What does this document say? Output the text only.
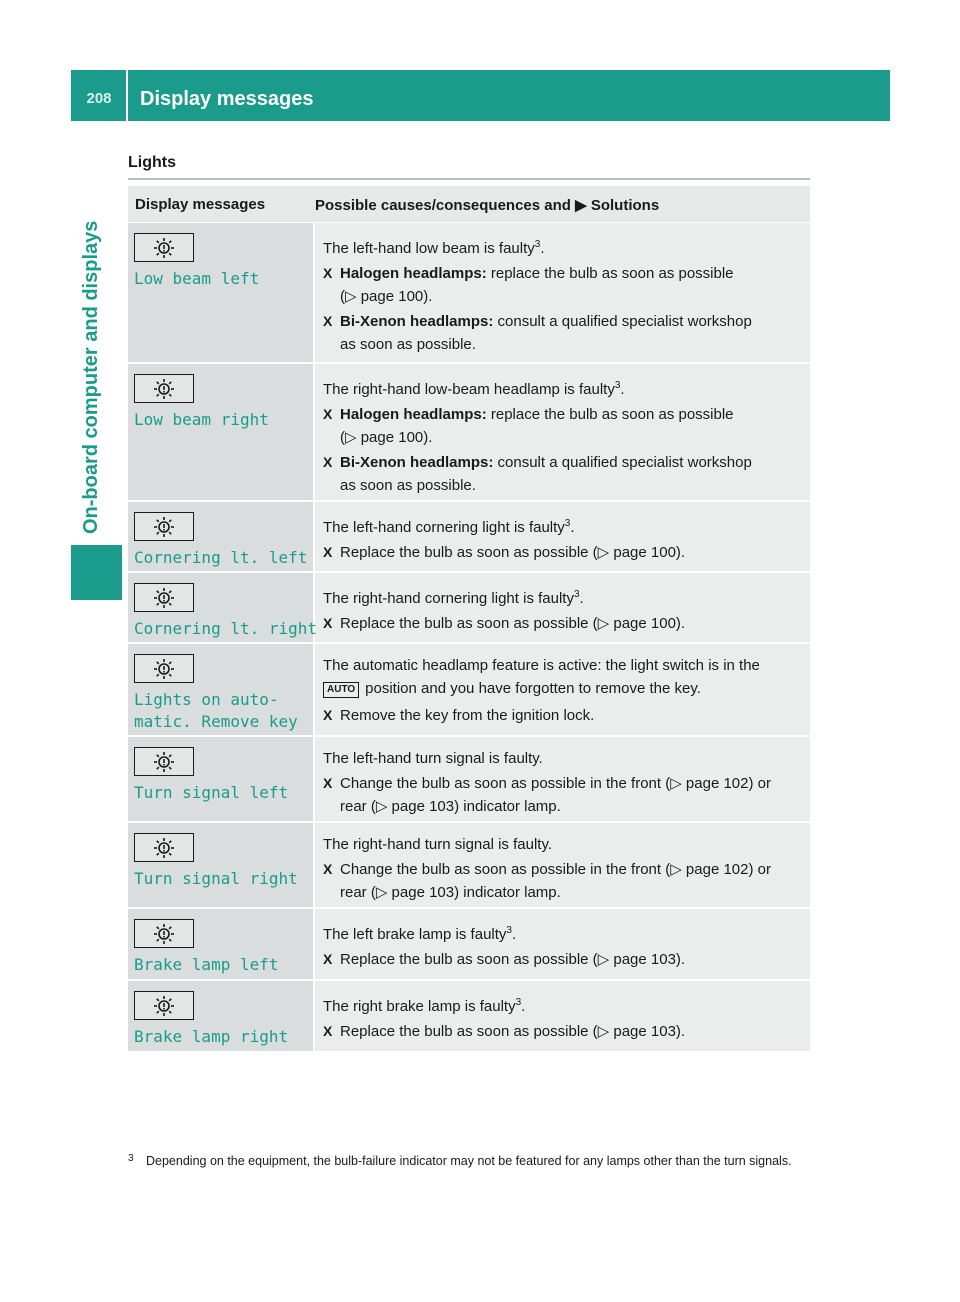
208	Display messages
On-board computer and displays
Lights
Display messages	Possible causes/consequences and ▶ Solutions
Low beam left

The left-hand low beam is faulty$^3$.

X Halogen headlamps: replace the bulb as soon as possible
(▷ page 100).

X Bi-Xenon headlamps: consult a qualified specialist workshop
as soon as possible.

Low beam right

The right-hand low-beam headlamp is faulty$^3$.

X Halogen headlamps: replace the bulb as soon as possible
(▷ page 100).

X Bi-Xenon headlamps: consult a qualified specialist workshop
as soon as possible.

Cornering lt. left

The left-hand cornering light is faulty$^3$.

X Replace the bulb as soon as possible (▷ page 100).

Cornering lt. right

The right-hand cornering light is faulty$^3$.

X Replace the bulb as soon as possible (▷ page 100).

Lights on auto-
matic. Remove key

The automatic headlamp feature is active: the light switch is in the
AUTO position and you have forgotten to remove the key.

X Remove the key from the ignition lock.

Turn signal left

The left-hand turn signal is faulty.

X Change the bulb as soon as possible in the front (▷ page 102) or
rear (▷ page 103) indicator lamp.

Turn signal right

The right-hand turn signal is faulty.

X Change the bulb as soon as possible in the front (▷ page 102) or
rear (▷ page 103) indicator lamp.

Brake lamp left

The left brake lamp is faulty$^3$.

X Replace the bulb as soon as possible (▷ page 103).

Brake lamp right

The right brake lamp is faulty$^3$.

X Replace the bulb as soon as possible (▷ page 103).

3 Depending on the equipment, the bulb-failure indicator may not be featured for any lamps other than the turn signals.
